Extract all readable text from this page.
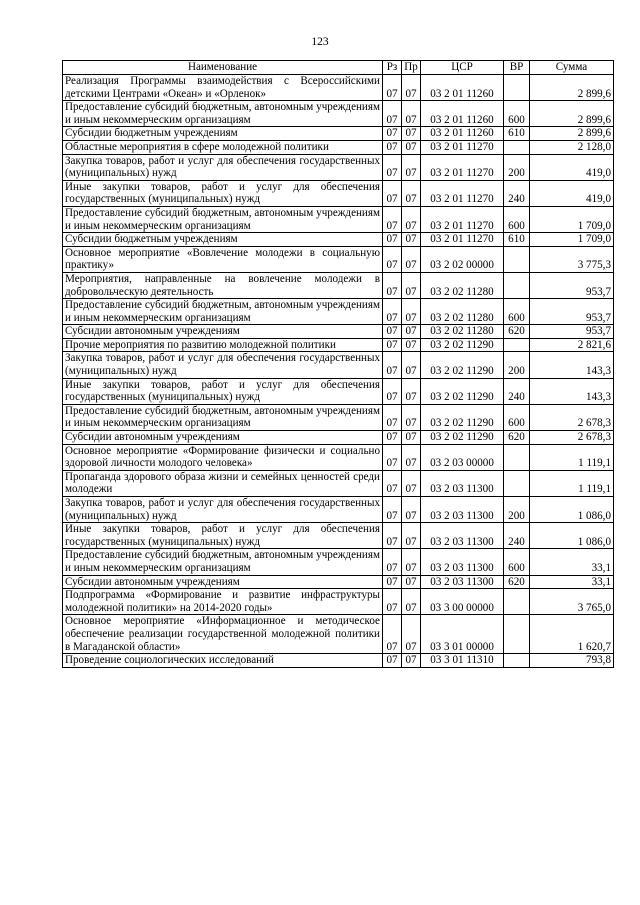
123
Наименование	Рз	Пр	ЦСР	ВР	Сумма
Реализация Программы взаимодействия с Всероссийскими детскими Центрами «Океан» и «Орленок»	07	07	03 2 01 11260		2 899,6
Предоставление субсидий бюджетным, автономным учреждениям и иным некоммерческим организациям	07	07	03 2 01 11260	600	2 899,6
Субсидии бюджетным учреждениям	07	07	03 2 01 11260	610	2 899,6
Областные мероприятия в сфере молодежной политики	07	07	03 2 01 11270		2 128,0
Закупка товаров, работ и услуг для обеспечения государственных (муниципальных) нужд	07	07	03 2 01 11270	200	419,0
Иные закупки товаров, работ и услуг для обеспечения государственных (муниципальных) нужд	07	07	03 2 01 11270	240	419,0
Предоставление субсидий бюджетным, автономным учреждениям и иным некоммерческим организациям	07	07	03 2 01 11270	600	1 709,0
Субсидии бюджетным учреждениям	07	07	03 2 01 11270	610	1 709,0
Основное мероприятие «Вовлечение молодежи в социальную практику»	07	07	03 2 02 00000		3 775,3
Мероприятия, направленные на вовлечение молодежи в добровольческую деятельность	07	07	03 2 02 11280		953,7
Предоставление субсидий бюджетным, автономным учреждениям и иным некоммерческим организациям	07	07	03 2 02 11280	600	953,7
Субсидии автономным учреждениям	07	07	03 2 02 11280	620	953,7
Прочие мероприятия по развитию молодежной политики	07	07	03 2 02 11290		2 821,6
Закупка товаров, работ и услуг для обеспечения государственных (муниципальных) нужд	07	07	03 2 02 11290	200	143,3
Иные закупки товаров, работ и услуг для обеспечения государственных (муниципальных) нужд	07	07	03 2 02 11290	240	143,3
Предоставление субсидий бюджетным, автономным учреждениям и иным некоммерческим организациям	07	07	03 2 02 11290	600	2 678,3
Субсидии автономным учреждениям	07	07	03 2 02 11290	620	2 678,3
Основное мероприятие «Формирование физически и социально здоровой личности молодого человека»	07	07	03 2 03 00000		1 119,1
Пропаганда здорового образа жизни и семейных ценностей среди молодежи	07	07	03 2 03 11300		1 119,1
Закупка товаров, работ и услуг для обеспечения государственных (муниципальных) нужд	07	07	03 2 03 11300	200	1 086,0
Иные закупки товаров, работ и услуг для обеспечения государственных (муниципальных) нужд	07	07	03 2 03 11300	240	1 086,0
Предоставление субсидий бюджетным, автономным учреждениям и иным некоммерческим организациям	07	07	03 2 03 11300	600	33,1
Субсидии автономным учреждениям	07	07	03 2 03 11300	620	33,1
Подпрограмма «Формирование и развитие инфраструктуры молодежной политики» на 2014-2020 годы»	07	07	03 3 00 00000		3 765,0
Основное мероприятие «Информационное и методическое обеспечение реализации государственной молодежной политики в Магаданской области»	07	07	03 3 01 00000		1 620,7
Проведение социологических исследований	07	07	03 3 01 11310		793,8
